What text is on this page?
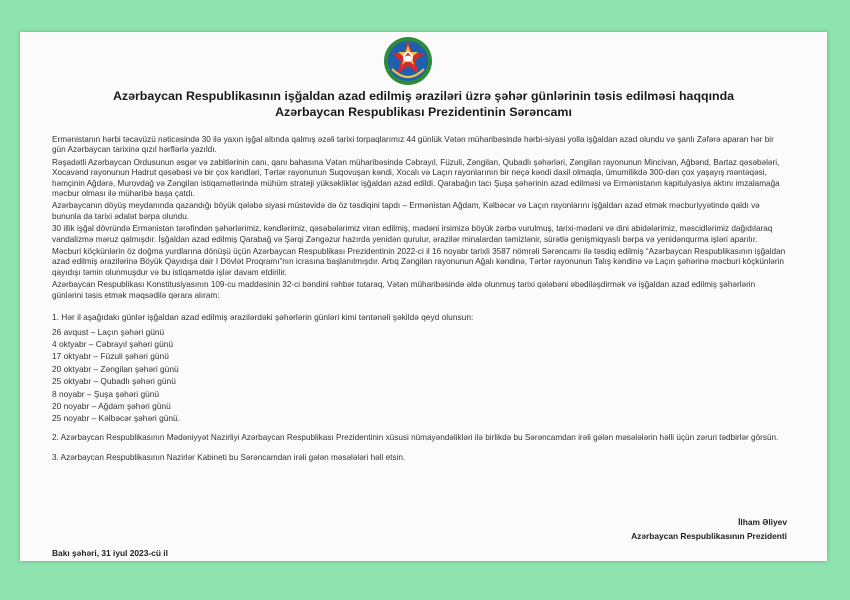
Azərbaycan Respublikasının işğaldan azad edilmiş əraziləri üzrə şəhər günlərinin təsis edilməsi haqqında
Azərbaycan Respublikası Prezidentinin Sərəncamı

Ermənistanın hərbi təcavüzü nəticəsində 30 ilə yaxın işğal altında qalmış əzəli tarixi torpaqlarımız 44 günlük Vətən müharibəsində hərbi-siyasi yolla işğaldan azad olundu və şanlı Zəfərə aparan hər bir gün Azərbaycan tarixinə qızıl hərflərlə yazıldı.

Rəşadətli Azərbaycan Ordusunun əsgər və zabitlərinin canı, qanı bahasına Vətən müharibəsində Cəbrayıl, Füzuli, Zəngilan, Qubadlı şəhərləri, Zəngilan rayonunun Mincivan, Ağbənd, Bartaz qəsəbələri, Xocavənd rayonunun Hadrut qəsəbəsi və bir çox kəndləri, Tərtər rayonunun Suqovuşan kəndi, Xocalı və Laçın rayonlarının bir neçə kəndi daxil olmaqla, ümumilikdə 300-dən çox yaşayış məntəqəsi, həmçinin Ağdərə, Murovdağ və Zəngilan istiqamətlərində mühüm strateji yüksəkliklər işğaldan azad edildi. Qarabağın tacı Şuşa şəhərinin azad edilməsi və Ermənistanın kapitulyasiya aktını imzalamağa məcbur olması ilə müharibə başa çatdı.

Azərbaycanın döyüş meydanında qazandığı böyük qələbə siyasi müstəvidə də öz təsdiqini tapdı – Ermənistan Ağdam, Kəlbəcər və Laçın rayonlarını işğaldan azad etmək məcburiyyətində qaldı və bununla da tarixi ədalət bərpa olundu.

30 illik işğal dövründə Ermənistan tərəfindən şəhərlərimiz, kəndlərimiz, qəsəbələrimiz viran edilmiş, mədəni irsimizə böyük zərbə vurulmuş, tarixi-mədəni və dini abidələrimiz, məscidlərimiz dağıdılaraq vandalizmə məruz qalmışdır. İşğaldan azad edilmiş Qarabağ və Şərqi Zəngəzur hazırda yenidən qurulur, ərazilər minalardan təmizlənir, sürətlə genişmiqyaslı bərpa və yenidənqurma işləri aparılır.

Məcburi köçkünlərin öz doğma yurdlarına dönüşü üçün Azərbaycan Respublikası Prezidentinin 2022-ci il 16 noyabr tarixli 3587 nömrəli Sərəncamı ilə təsdiq edilmiş “Azərbaycan Respublikasının işğaldan azad edilmiş ərazilərinə Böyük Qayıdışa dair I Dövlət Proqramı”nın icrasına başlanılmışdır. Artıq Zəngilan rayonunun Ağalı kəndinə, Tərtər rayonunun Talış kəndinə və Laçın şəhərinə məcburi köçkünlərin qayıdışı təmin olunmuşdur və bu istiqamətdə işlər davam etdirilir.

Azərbaycan Respublikası Konstitusiyasının 109-cu maddəsinin 32-ci bəndini rəhbər tutaraq, Vətən müharibəsində əldə olunmuş tarixi qələbəni əbədiləşdirmək və işğaldan azad edilmiş şəhərlərin günlərini təsis etmək məqsədilə qərara alıram:

1. Hər il aşağıdakı günlər işğaldan azad edilmiş ərazilərdəki şəhərlərin günləri kimi təntənəli şəkildə qeyd olunsun:

26 avqust – Laçın şəhəri günü
4 oktyabr – Cəbrayıl şəhəri günü
17 oktyabr – Füzuli şəhəri günü
20 oktyabr – Zəngilan şəhəri günü
25 oktyabr – Qubadlı şəhəri günü
8 noyabr – Şuşa şəhəri günü
20 noyabr – Ağdam şəhəri günü
25 noyabr – Kəlbəcər şəhəri günü.

2. Azərbaycan Respublikasının Mədəniyyət Nazirliyi Azərbaycan Respublikası Prezidentinin xüsusi nümayəndəlikləri ilə birlikdə bu Sərəncamdan irəli gələn məsələlərin həlli üçün zəruri tədbirlər görsün.

3. Azərbaycan Respublikasının Nazirlər Kabineti bu Sərəncamdan irəli gələn məsələləri həll etsin.

İlham Əliyev
Azərbaycan Respublikasının Prezidenti
Bakı şəhəri, 31 iyul 2023-cü il
